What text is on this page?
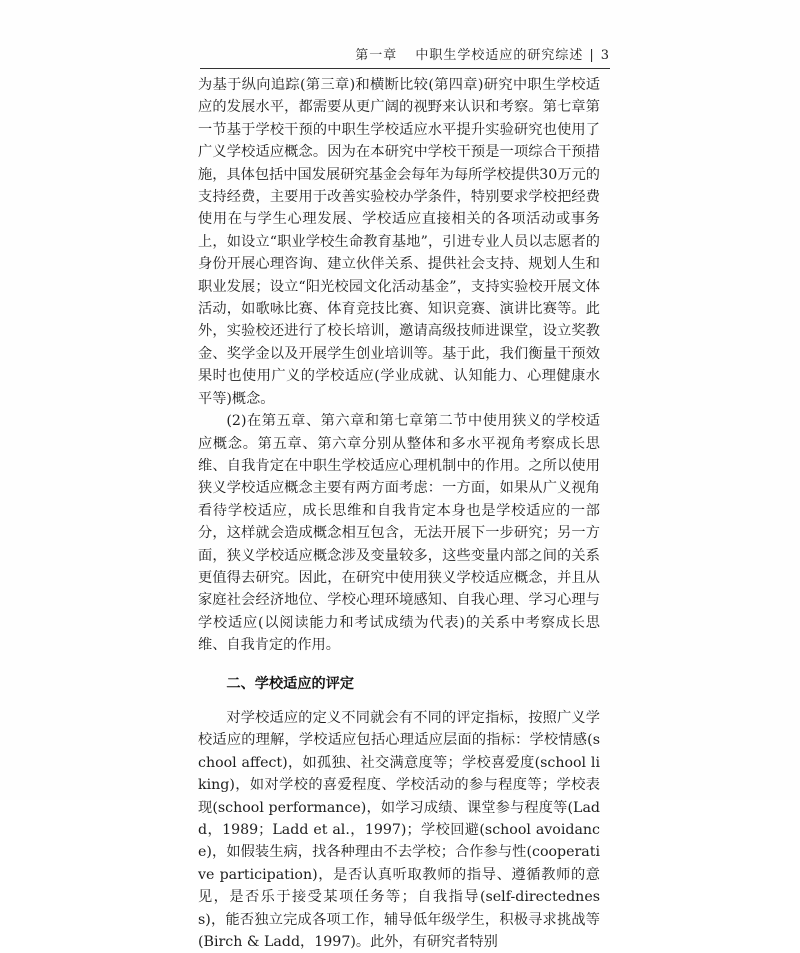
第一章 中职生学校适应的研究综述 | 3

为基于纵向追踪(第三章)和横断比较(第四章)研究中职生学校适应的发展水平，都需要从更广阔的视野来认识和考察。第七章第一节基于学校干预的中职生学校适应水平提升实验研究也使用了广义学校适应概念。因为在本研究中学校干预是一项综合干预措施，具体包括中国发展研究基金会每年为每所学校提供30万元的支持经费，主要用于改善实验校办学条件，特别要求学校把经费使用在与学生心理发展、学校适应直接相关的各项活动或事务上，如设立“职业学校生命教育基地”，引进专业人员以志愿者的身份开展心理咨询、建立伙伴关系、提供社会支持、规划人生和职业发展；设立“阳光校园文化活动基金”，支持实验校开展文体活动，如歌咏比赛、体育竞技比赛、知识竞赛、演讲比赛等。此外，实验校还进行了校长培训，邀请高级技师进课堂，设立奖教金、奖学金以及开展学生创业培训等。基于此，我们衡量干预效果时也使用广义的学校适应(学业成就、认知能力、心理健康水平等)概念。

(2)在第五章、第六章和第七章第二节中使用狭义的学校适应概念。第五章、第六章分别从整体和多水平视角考察成长思维、自我肯定在中职生学校适应心理机制中的作用。之所以使用狭义学校适应概念主要有两方面考虑：一方面，如果从广义视角看待学校适应，成长思维和自我肯定本身也是学校适应的一部分，这样就会造成概念相互包含，无法开展下一步研究；另一方面，狭义学校适应概念涉及变量较多，这些变量内部之间的关系更值得去研究。因此，在研究中使用狭义学校适应概念，并且从家庭社会经济地位、学校心理环境感知、自我心理、学习心理与学校适应(以阅读能力和考试成绩为代表)的关系中考察成长思维、自我肯定的作用。

二、学校适应的评定

对学校适应的定义不同就会有不同的评定指标，按照广义学校适应的理解，学校适应包括心理适应层面的指标：学校情感(school affect)，如孤独、社交满意度等；学校喜爱度(school liking)，如对学校的喜爱程度、学校活动的参与程度等；学校表现(school performance)，如学习成绩、课堂参与程度等(Ladd，1989；Ladd et al.，1997)；学校回避(school avoidance)，如假装生病，找各种理由不去学校；合作参与性(cooperative participation)，是否认真听取教师的指导、遵循教师的意见，是否乐于接受某项任务等；自我指导(self-directedness)，能否独立完成各项工作，辅导低年级学生，积极寻求挑战等(Birch & Ladd，1997)。此外，有研究者特别
